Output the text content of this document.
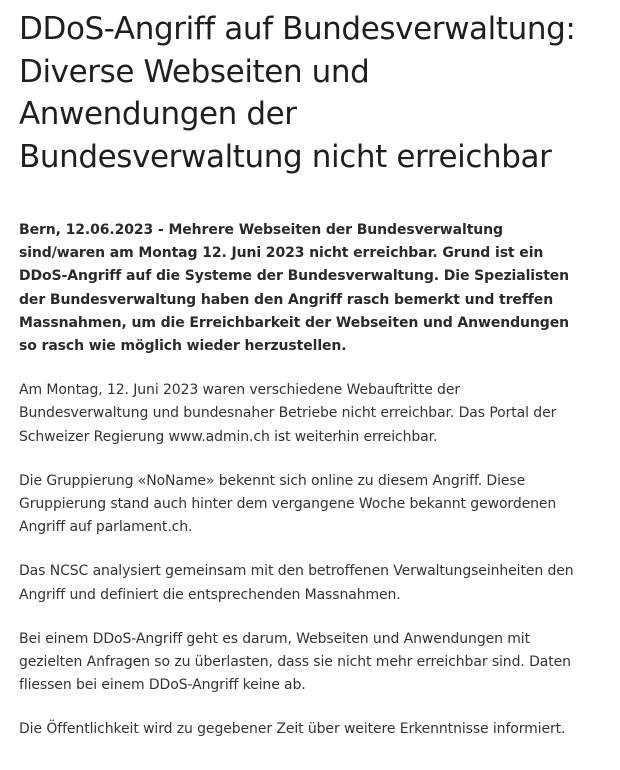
DDoS-Angriff auf Bundesverwaltung: Diverse Webseiten und Anwendungen der Bundesverwaltung nicht erreichbar

Bern, 12.06.2023 - Mehrere Webseiten der Bundesverwaltung sind/waren am Montag 12. Juni 2023 nicht erreichbar. Grund ist ein DDoS-Angriff auf die Systeme der Bundesverwaltung. Die Spezialisten der Bundesverwaltung haben den Angriff rasch bemerkt und treffen Massnahmen, um die Erreichbarkeit der Webseiten und Anwendungen so rasch wie möglich wieder herzustellen.

Am Montag, 12. Juni 2023 waren verschiedene Webauftritte der Bundesverwaltung und bundesnaher Betriebe nicht erreichbar. Das Portal der Schweizer Regierung www.admin.ch ist weiterhin erreichbar.

Die Gruppierung «NoName» bekennt sich online zu diesem Angriff. Diese Gruppierung stand auch hinter dem vergangene Woche bekannt gewordenen Angriff auf parlament.ch.

Das NCSC analysiert gemeinsam mit den betroffenen Verwaltungseinheiten den Angriff und definiert die entsprechenden Massnahmen.

Bei einem DDoS-Angriff geht es darum, Webseiten und Anwendungen mit gezielten Anfragen so zu überlasten, dass sie nicht mehr erreichbar sind. Daten fliessen bei einem DDoS-Angriff keine ab.

Die Öffentlichkeit wird zu gegebener Zeit über weitere Erkenntnisse informiert.
